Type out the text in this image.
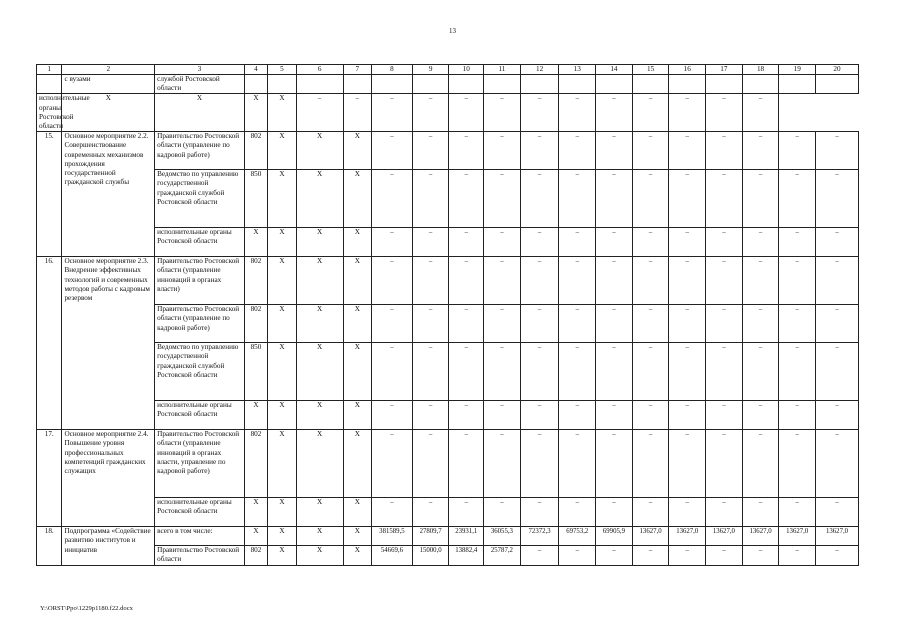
13
1	2	3	4	5	6	7	8	9	10	11	12	13	14	15	16	17	18	19	20
	с вузами	службой Ростовской области																	
исполнительные органы Ростовской области	Х	Х	Х	Х	–	–	–	–	–	–	–	–	–	–	–	–	–		
15.	Основное мероприятие 2.2. Совершенствование современных механизмов прохождения государственной гражданской службы	Правительство Ростовской области (управление по кадровой работе)	802	Х	Х	Х	–	–	–	–	–	–	–	–	–	–	–	–	–
		Ведомство по управлению государственной гражданской службой Ростовской области	850	Х	Х	Х	–	–	–	–	–	–	–	–	–	–	–	–	–
		исполнительные органы Ростовской области	Х	Х	Х	Х	–	–	–	–	–	–	–	–	–	–	–	–	–
16.	Основное мероприятие 2.3. Внедрение эффективных технологий и современных методов работы с кадровым резервом	Правительство Ростовской области (управление инноваций в органах власти)	802	Х	Х	Х	–	–	–	–	–	–	–	–	–	–	–	–	–
		Правительство Ростовской области (управление по кадровой работе)	802	Х	Х	Х	–	–	–	–	–	–	–	–	–	–	–	–	–
		Ведомство по управлению государственной гражданской службой Ростовской области	850	Х	Х	Х	–	–	–	–	–	–	–	–	–	–	–	–	–
		исполнительные органы Ростовской области	Х	Х	Х	Х	–	–	–	–	–	–	–	–	–	–	–	–	–
17.	Основное мероприятие 2.4. Повышение уровня профессиональных компетенций гражданских служащих	Правительство Ростовской области (управление инноваций в органах власти, управление по кадровой работе)	802	Х	Х	Х	–	–	–	–	–	–	–	–	–	–	–	–	–
		исполнительные органы Ростовской области	Х	Х	Х	Х	–	–	–	–	–	–	–	–	–	–	–	–	–
18.	Подпрограмма «Содействие развитию институтов и инициатив	всего в том числе:	Х	Х	Х	Х	381589,5	27809,7	23931,1	36055,3	72372,3	69753,2	69905,9	13627,0	13627,0	13627,0	13627,0	13627,0	13627,0
		Правительство Ростовской области	802	Х	Х	Х	54669,6	15000,0	13882,4	25787,2	–	–	–	–	–	–	–	–	–
Y:\ORST\Ppo\1229p1180.f22.docx
